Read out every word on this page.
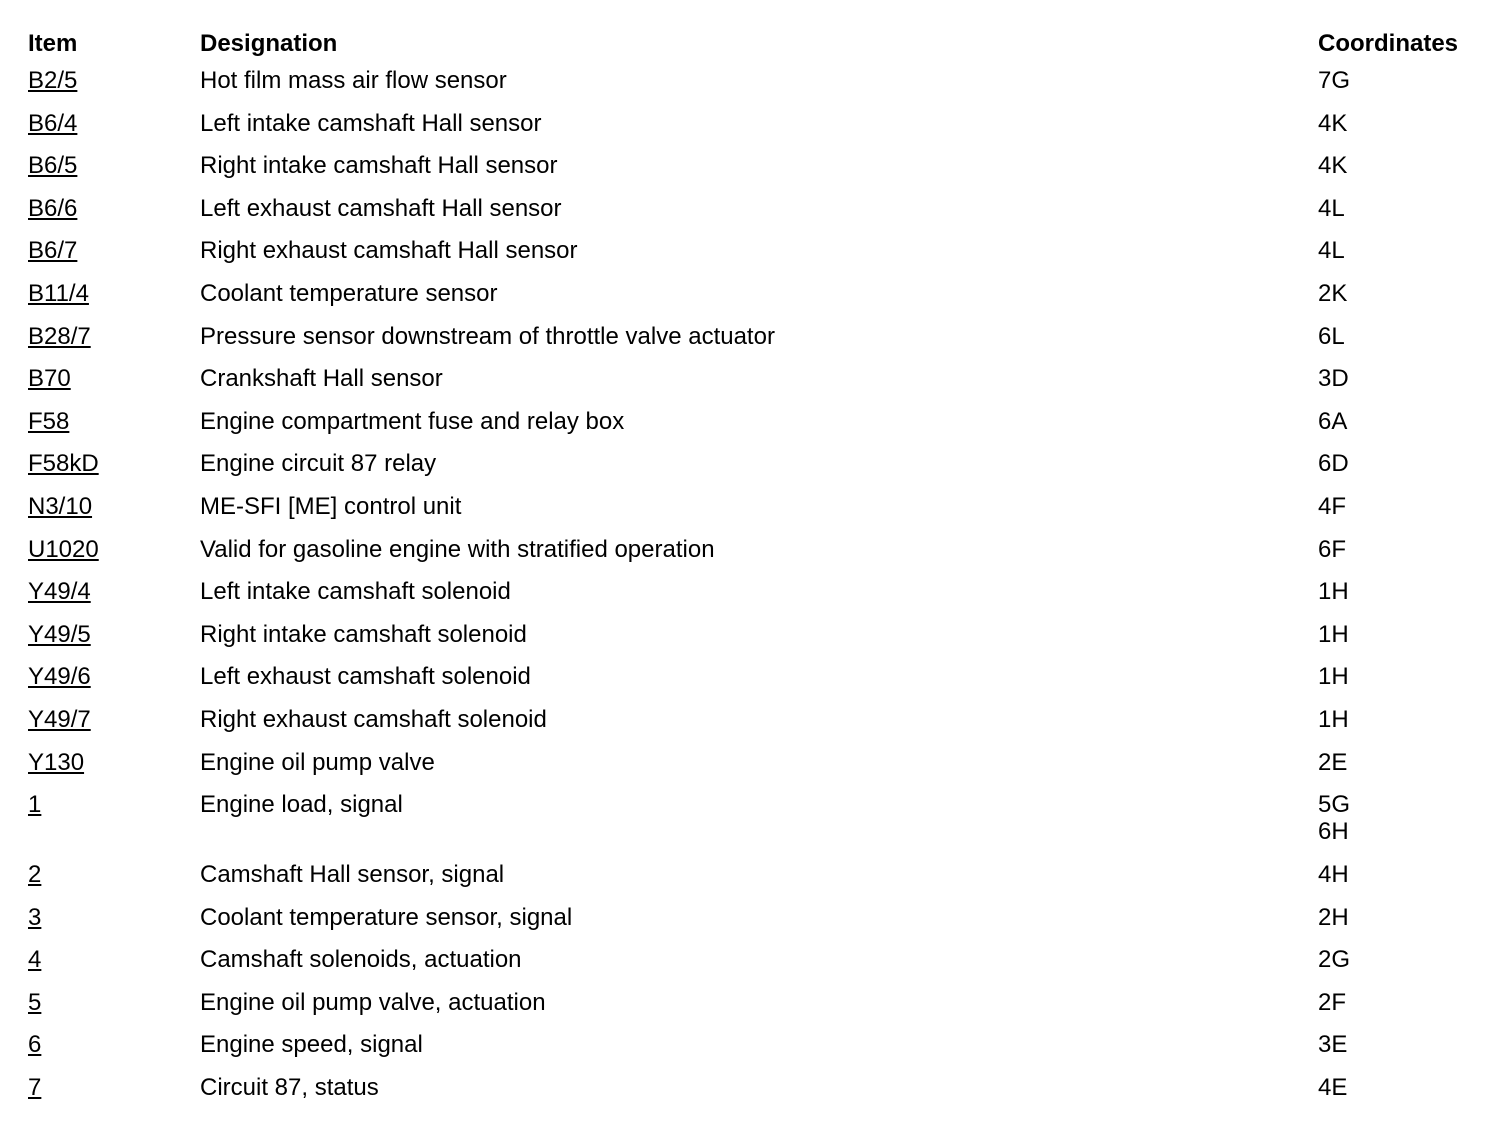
Item	Designation	Coordinates
B2/5	Hot film mass air flow sensor	7G
B6/4	Left intake camshaft Hall sensor	4K
B6/5	Right intake camshaft Hall sensor	4K
B6/6	Left exhaust camshaft Hall sensor	4L
B6/7	Right exhaust camshaft Hall sensor	4L
B11/4	Coolant temperature sensor	2K
B28/7	Pressure sensor downstream of throttle valve actuator	6L
B70	Crankshaft Hall sensor	3D
F58	Engine compartment fuse and relay box	6A
F58kD	Engine circuit 87 relay	6D
N3/10	ME-SFI [ME] control unit	4F
U1020	Valid for gasoline engine with stratified operation	6F
Y49/4	Left intake camshaft solenoid	1H
Y49/5	Right intake camshaft solenoid	1H
Y49/6	Left exhaust camshaft solenoid	1H
Y49/7	Right exhaust camshaft solenoid	1H
Y130	Engine oil pump valve	2E
1	Engine load, signal	5G
6H
2	Camshaft Hall sensor, signal	4H
3	Coolant temperature sensor, signal	2H
4	Camshaft solenoids, actuation	2G
5	Engine oil pump valve, actuation	2F
6	Engine speed, signal	3E
7	Circuit 87, status	4E
